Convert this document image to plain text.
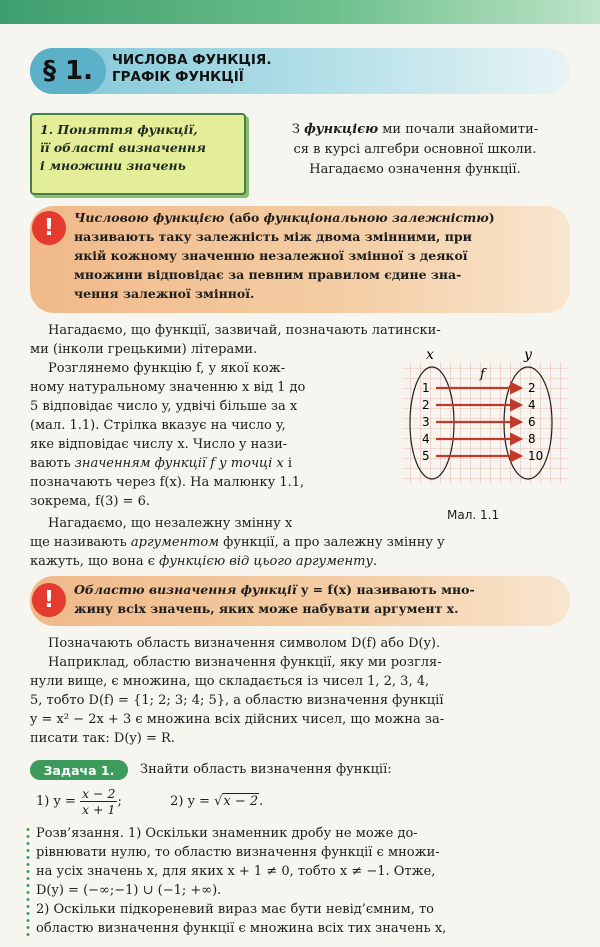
§ 1.	ЧИСЛОВА ФУНКЦІЯ.
ГРАФІК ФУНКЦІЇ
1. Поняття функції,
її області визначення
і множини значень
З функцією ми почали знайомити-
ся в курсі алгебри основної школи.
Нагадаємо означення функції.
!	Числовою функцією (або функціональною залежністю)
називають таку залежність між двома змінними, при
якій кожному значенню незалежної змінної з деякої
множини відповідає за певним правилом єдине зна-
чення залежної змінної.
Нагадаємо, що функції, зазвичай, позначають латински-
ми (інколи грецькими) літерами.
Розглянемо функцію f, у якої кож-
ному натуральному значенню x від 1 до
5 відповідає число y, удвічі більше за x
(мал. 1.1). Стрілка вказує на число y,
яке відповідає числу x. Число y нази-
вають значенням функції f у точці x і
позначають через f(x). На малюнку 1.1,
зокрема, f(3) = 6.
x	y
f
1	2
2	4
3	6
4	8
5	10
Мал. 1.1
Нагадаємо, що незалежну змінну x
ще називають аргументом функції, а про залежну змінну y
кажуть, що вона є функцією від цього аргументу.
!	Областю визначення функції y = f(x) називають мно-
жину всіх значень, яких може набувати аргумент x.
Позначають область визначення символом D(f) або D(y).
Наприклад, областю визначення функції, яку ми розгля-
нули вище, є множина, що складається із чисел 1, 2, 3, 4,
5, тобто D(f) = {1; 2; 3; 4; 5}, а областю визначення функції
y = x² − 2x + 3 є множина всіх дійсних чисел, що можна за-
писати так: D(y) = R.
Задача 1.	Знайти область визначення функції:
1) $y = \frac{x - 2}{x + 1}$ ;	2) y = √x − 2.
Розв’язання. 1) Оскільки знаменник дробу не може до-
рівнювати нулю, то областю визначення функції є множи-
на усіх значень x, для яких x + 1 ≠ 0, тобто x ≠ −1. Отже,
D(y) = (−∞;−1) ∪ (−1; +∞).
2) Оскільки підкореневий вираз має бути невід’ємним, то
областю визначення функції є множина всіх тих значень x,
